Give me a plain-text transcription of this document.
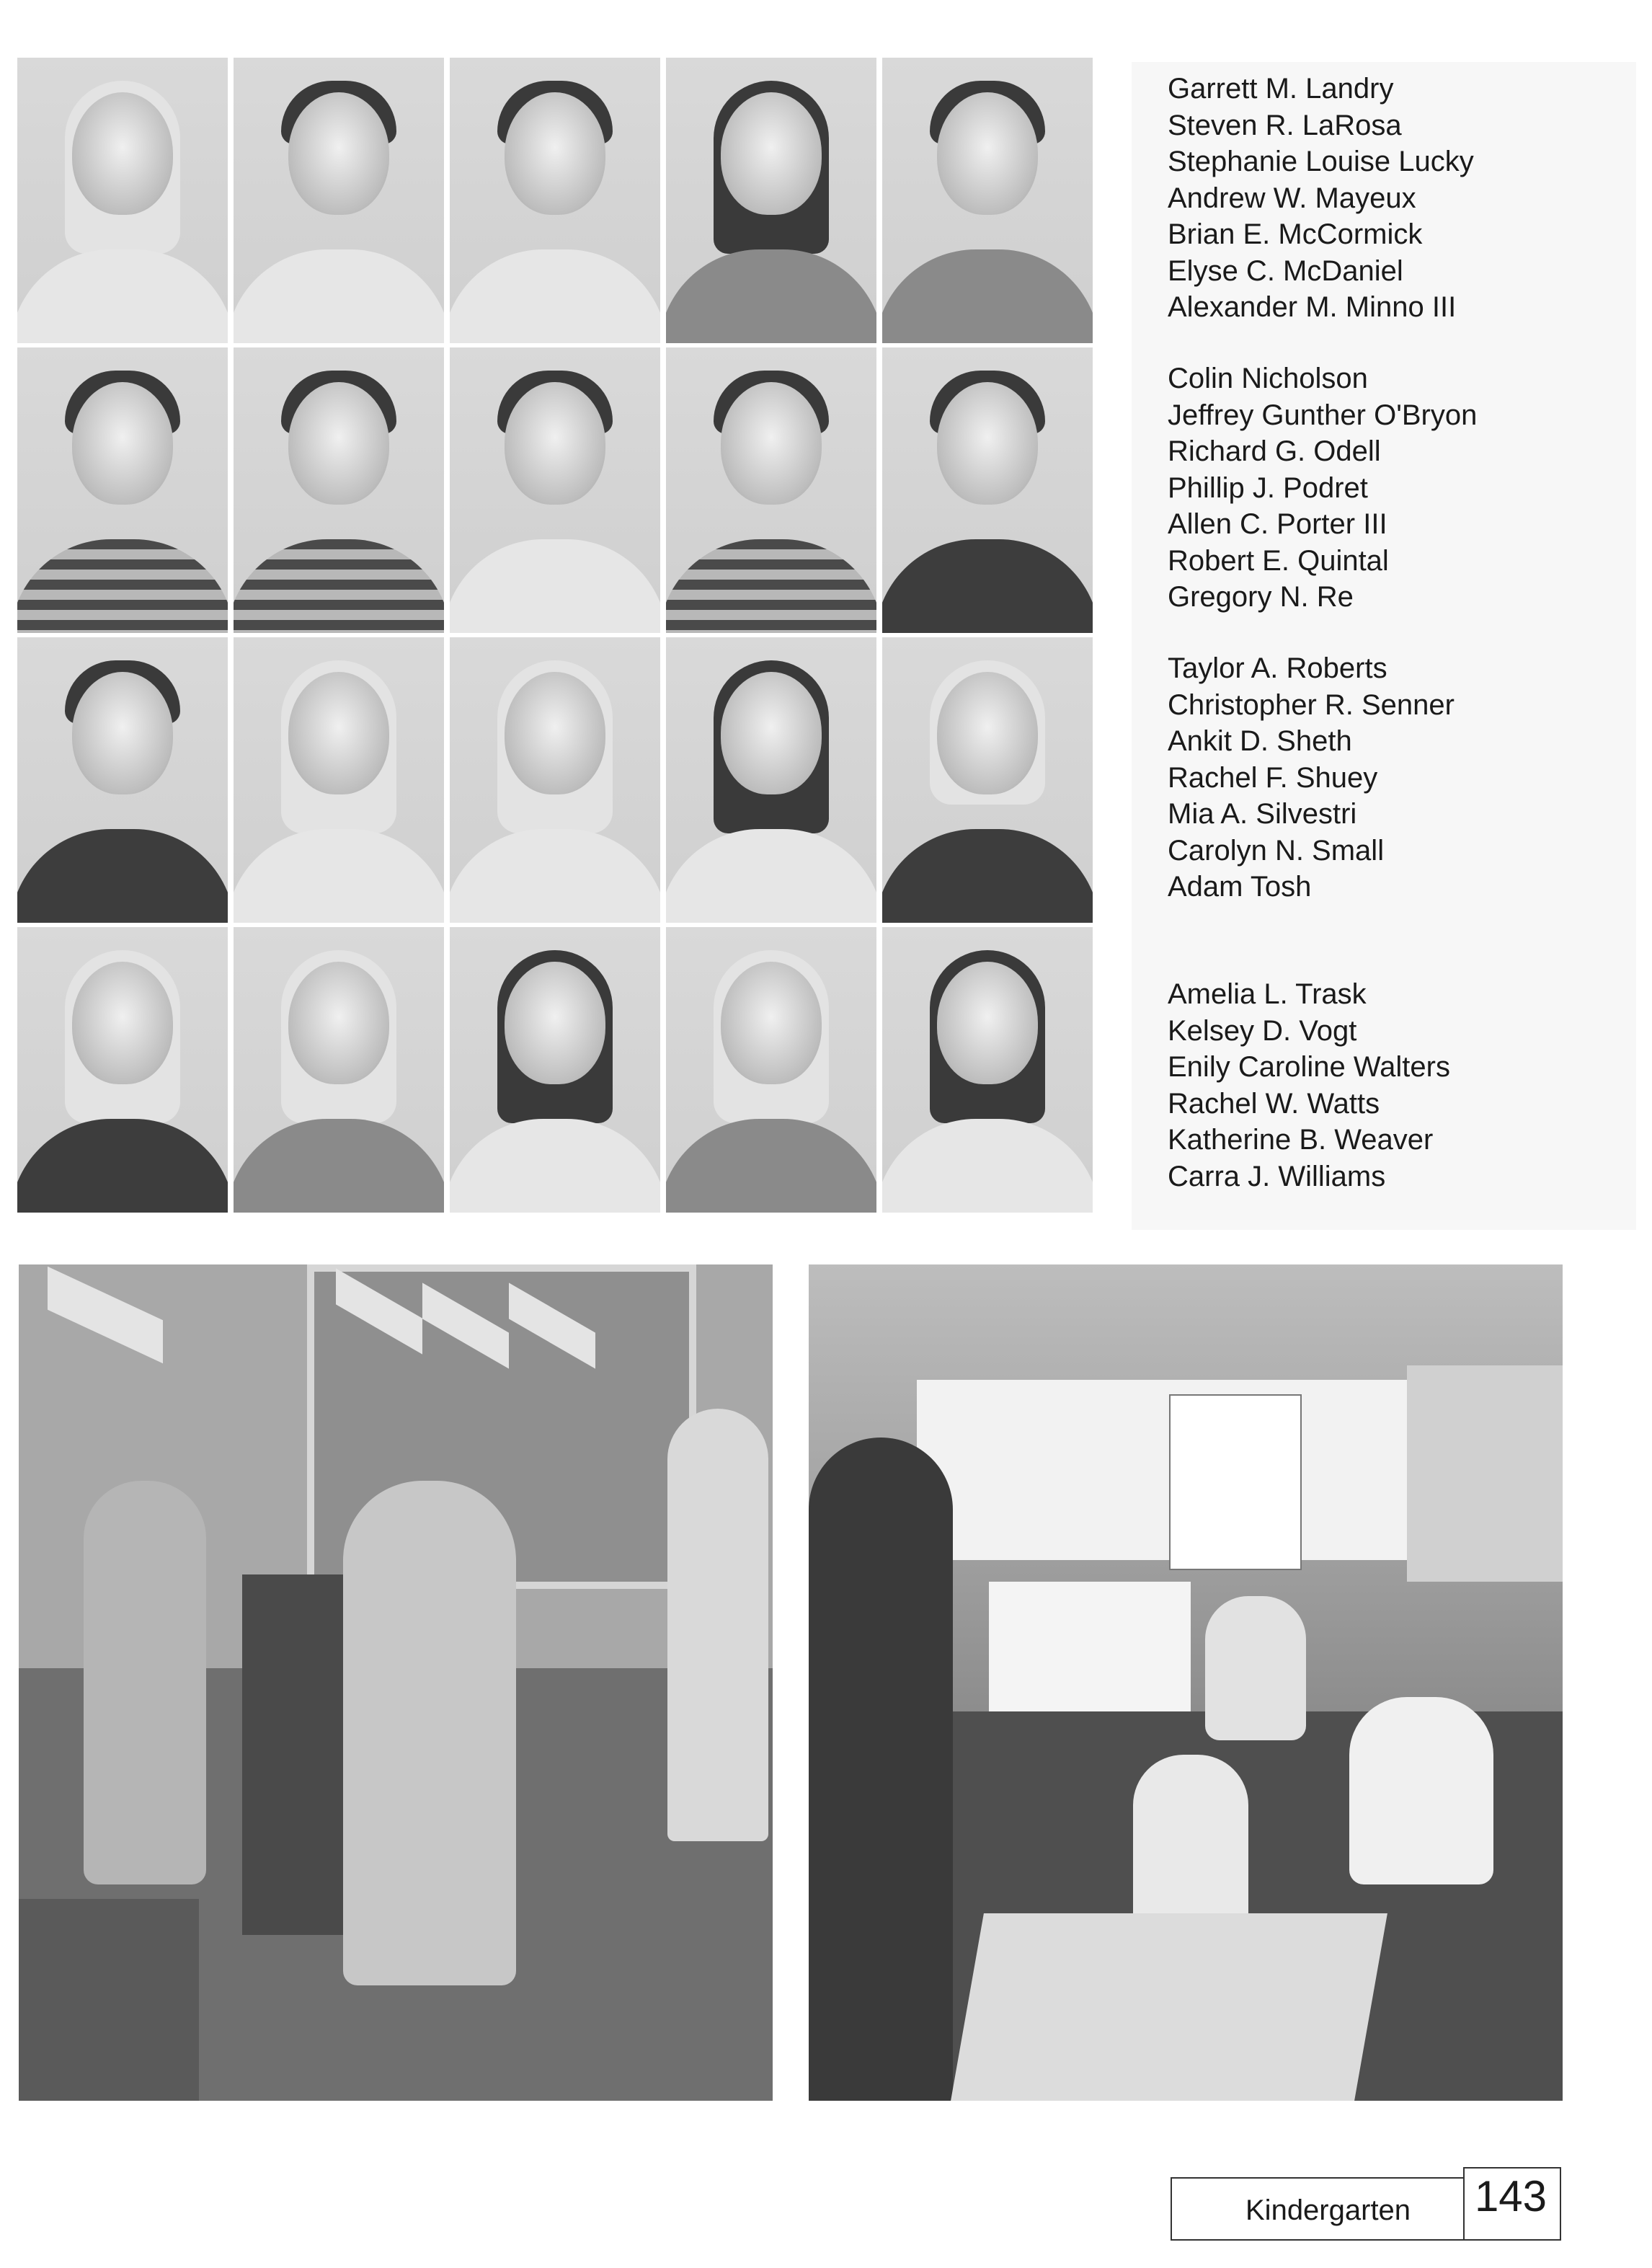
Garrett M. Landry
Steven R. LaRosa
Stephanie Louise Lucky
Andrew W. Mayeux
Brian E. McCormick
Elyse C. McDaniel
Alexander M. Minno III
Colin Nicholson
Jeffrey Gunther O'Bryon
Richard G. Odell
Phillip J. Podret
Allen C. Porter III
Robert E. Quintal
Gregory N. Re
Taylor A. Roberts
Christopher R. Senner
Ankit D. Sheth
Rachel F. Shuey
Mia A. Silvestri
Carolyn N. Small
Adam Tosh
Amelia L. Trask
Kelsey D. Vogt
Enily Caroline Walters
Rachel W. Watts
Katherine B. Weaver
Carra J. Williams
Kindergarten 143
